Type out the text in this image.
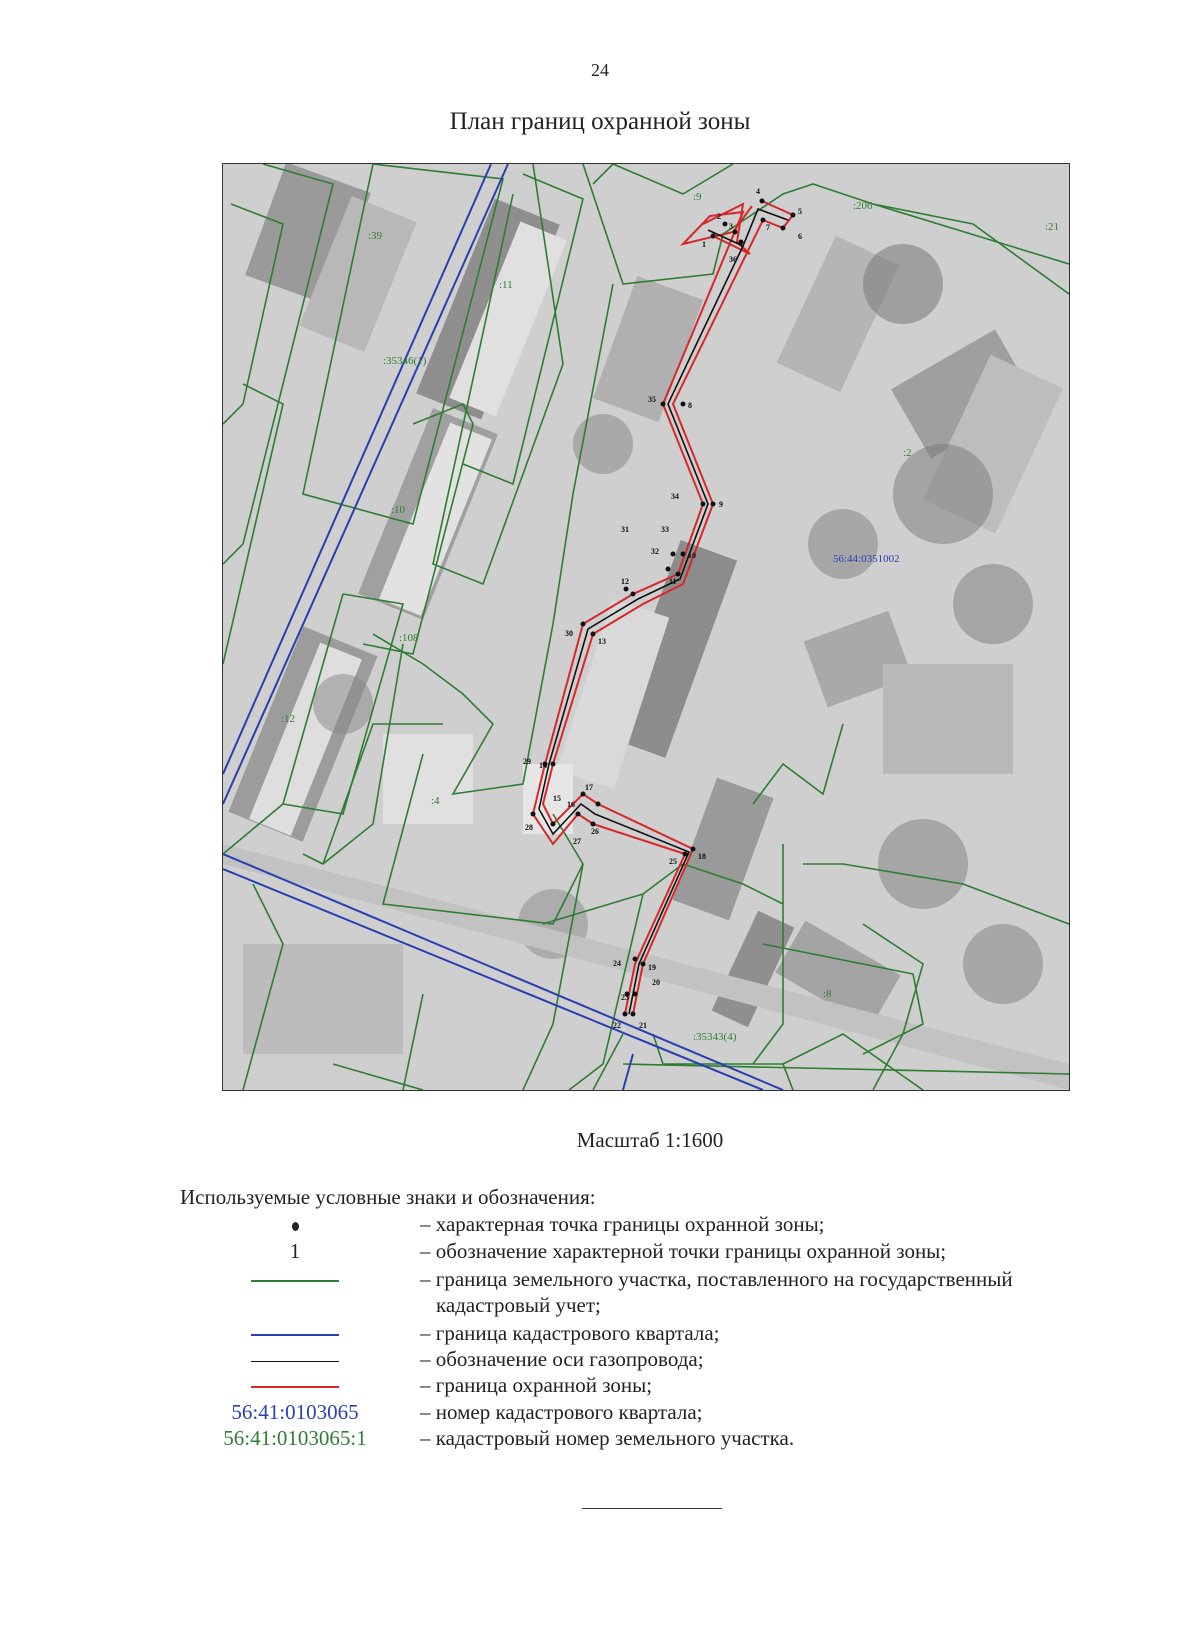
24
План границ охранной зоны
1
2
3
4
5
6
7
8
9
10
11
12
13
14
15
16
17
18
19
20
21
22
23
24
25
26
27
28
29
30
31
32
33
34
35
36
:9
:206
:21
:39
:11
:35346(1)
:2
:10
:108
:12
:4
:8
:35343(4)
56:44:0351002
Масштаб 1:1600
Используемые условные знаки и обозначения:
– характерная точка границы охранной зоны;
1	– обозначение характерной точки границы охранной зоны;
– граница земельного участка, поставленного на государственный
кадастровый учет;
– граница кадастрового квартала;
– обозначение оси газопровода;
– граница охранной зоны;
56:41:0103065	– номер кадастрового квартала;
56:41:0103065:1	– кадастровый номер земельного участка.
